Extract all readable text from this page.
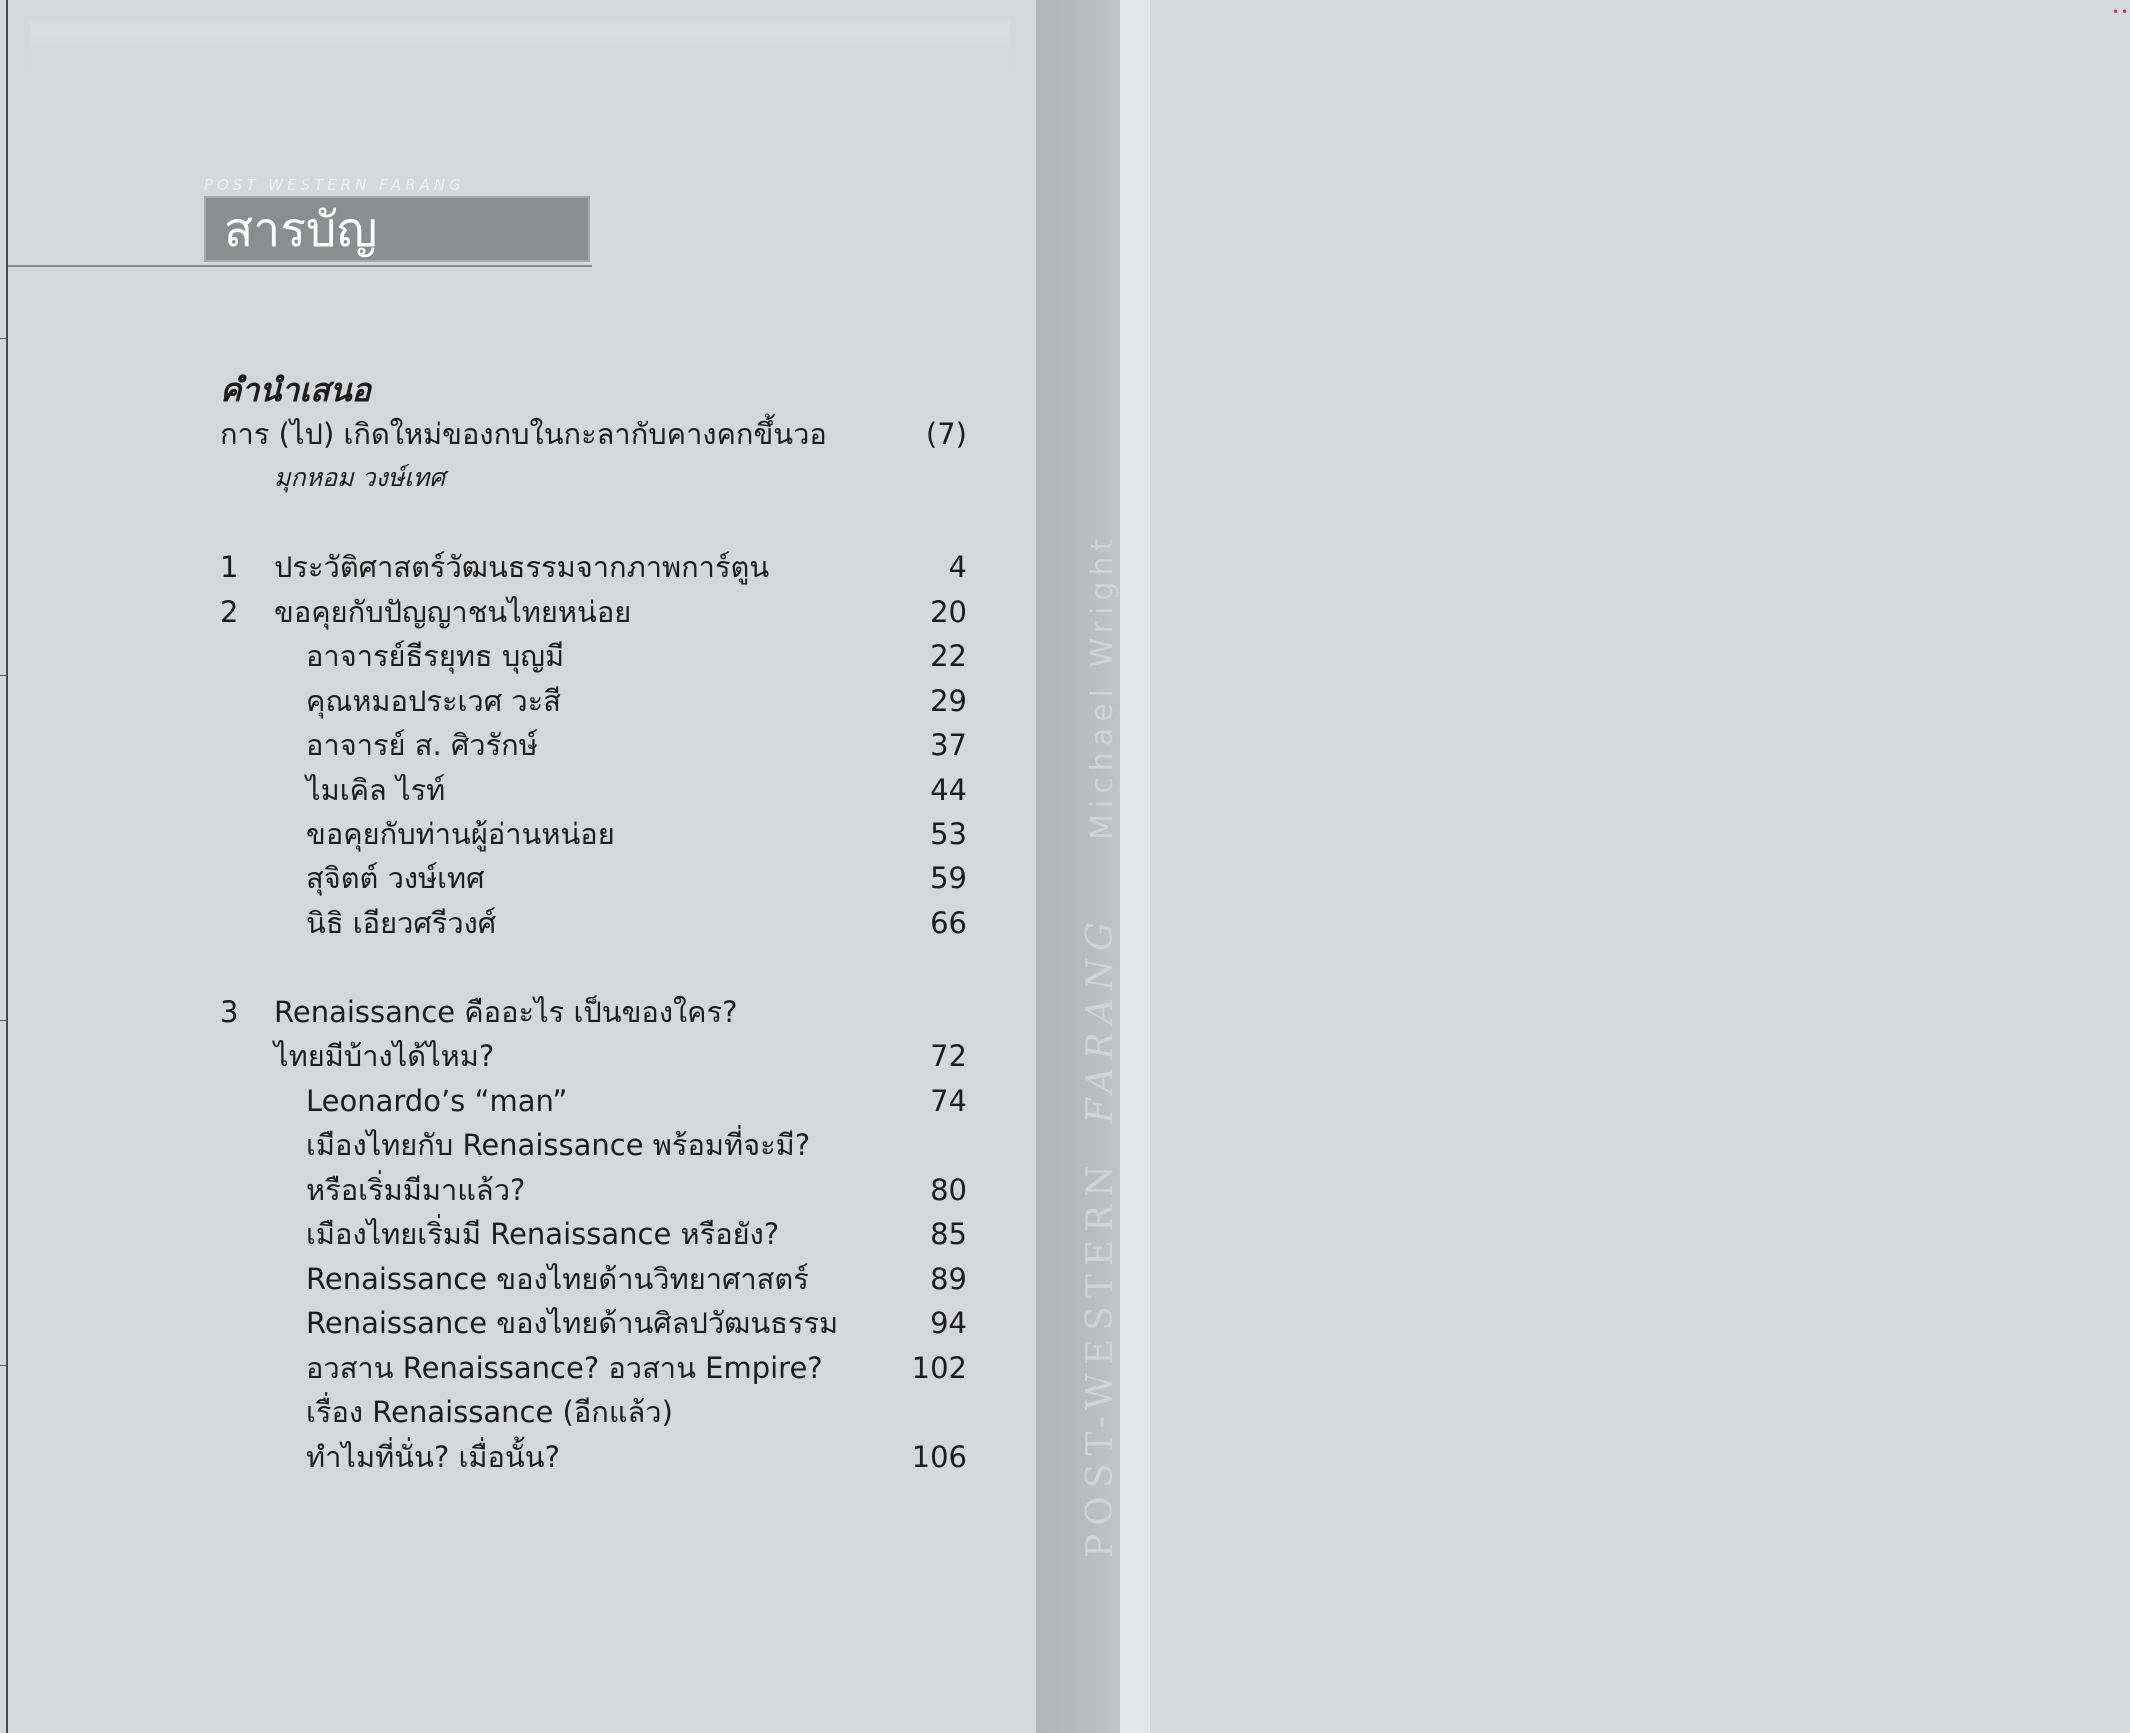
••
POST-WESTERNFARANGMichael Wright
POST WESTERN FARANG
สารบัญ
คำนำเสนอ
การ (ไป) เกิดใหม่ของกบในกะลากับคางคกขึ้นวอ	(7)
มุกหอม วงษ์เทศ
1 ประวัติศาสตร์วัฒนธรรมจากภาพการ์ตูน	4
2 ขอคุยกับปัญญาชนไทยหน่อย	20
อาจารย์ธีรยุทธ บุญมี	22
คุณหมอประเวศ วะสี	29
อาจารย์ ส. ศิวรักษ์	37
ไมเคิล ไรท์	44
ขอคุยกับท่านผู้อ่านหน่อย	53
สุจิตต์ วงษ์เทศ	59
นิธิ เอียวศรีวงศ์	66
3 Renaissance คืออะไร เป็นของใคร?
ไทยมีบ้างได้ไหม?	72
Leonardo’s “man”	74
เมืองไทยกับ Renaissance พร้อมที่จะมี?
หรือเริ่มมีมาแล้ว?	80
เมืองไทยเริ่มมี Renaissance หรือยัง?	85
Renaissance ของไทยด้านวิทยาศาสตร์	89
Renaissance ของไทยด้านศิลปวัฒนธรรม	94
อวสาน Renaissance? อวสาน Empire?	102
เรื่อง Renaissance (อีกแล้ว)
ทำไมที่นั่น? เมื่อนั้น?	106
